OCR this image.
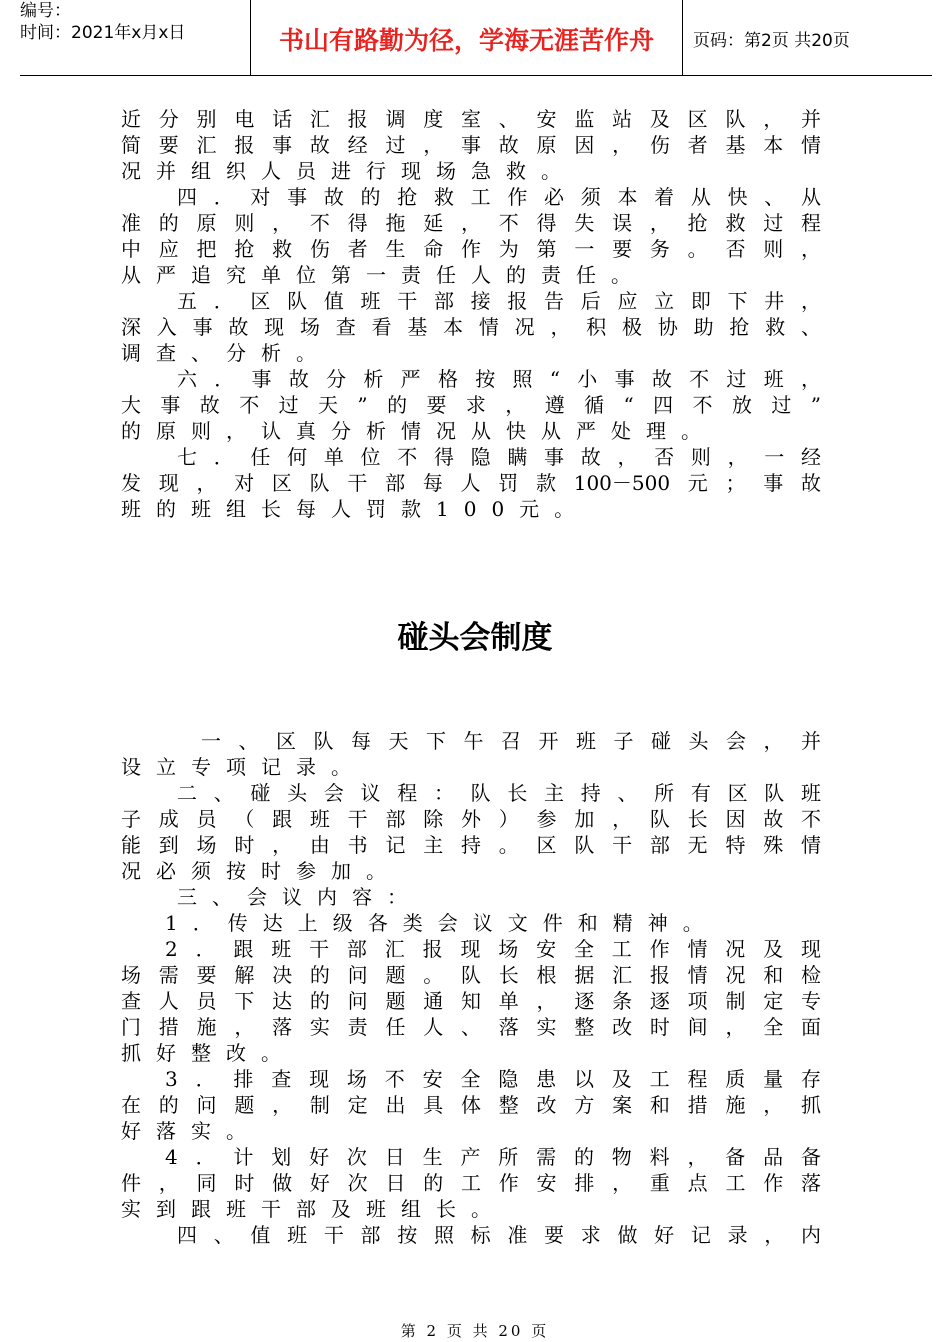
编号：
时间：2021年x月x日	书山有路勤为径，学海无涯苦作舟	页码：第2页 共20页
近分别电话汇报调度室、安监站及区队，并
简要汇报事故经过，事故原因，伤者基本情
况并组织人员进行现场急救。
四．对事故的抢救工作必须本着从快、从
准的原则，不得拖延，不得失误，抢救过程
中应把抢救伤者生命作为第一要务。否则，
从严追究单位第一责任人的责任。
五．区队值班干部接报告后应立即下井，
深入事故现场查看基本情况，积极协助抢救、
调查、分析。
六．事故分析严格按照“小事故不过班，
大事故不过天”的要求，遵循“四不放过”
的原则，认真分析情况从快从严处理。
七．任何单位不得隐瞒事故，否则，一经
发现，对区队干部每人罚款100－500元；事故
班的班组长每人罚款100元。
碰头会制度
一、区队每天下午召开班子碰头会，并
设立专项记录。
二、碰头会议程：队长主持、所有区队班
子成员（跟班干部除外）参加，队长因故不
能到场时，由书记主持。区队干部无特殊情
况必须按时参加。
三、会议内容：
1．传达上级各类会议文件和精神。
2．跟班干部汇报现场安全工作情况及现
场需要解决的问题。队长根据汇报情况和检
查人员下达的问题通知单，逐条逐项制定专
门措施，落实责任人、落实整改时间，全面
抓好整改。
3．排查现场不安全隐患以及工程质量存
在的问题，制定出具体整改方案和措施，抓
好落实。
4．计划好次日生产所需的物料，备品备
件，同时做好次日的工作安排，重点工作落
实到跟班干部及班组长。
四、值班干部按照标准要求做好记录，内
第 2 页 共 20 页
